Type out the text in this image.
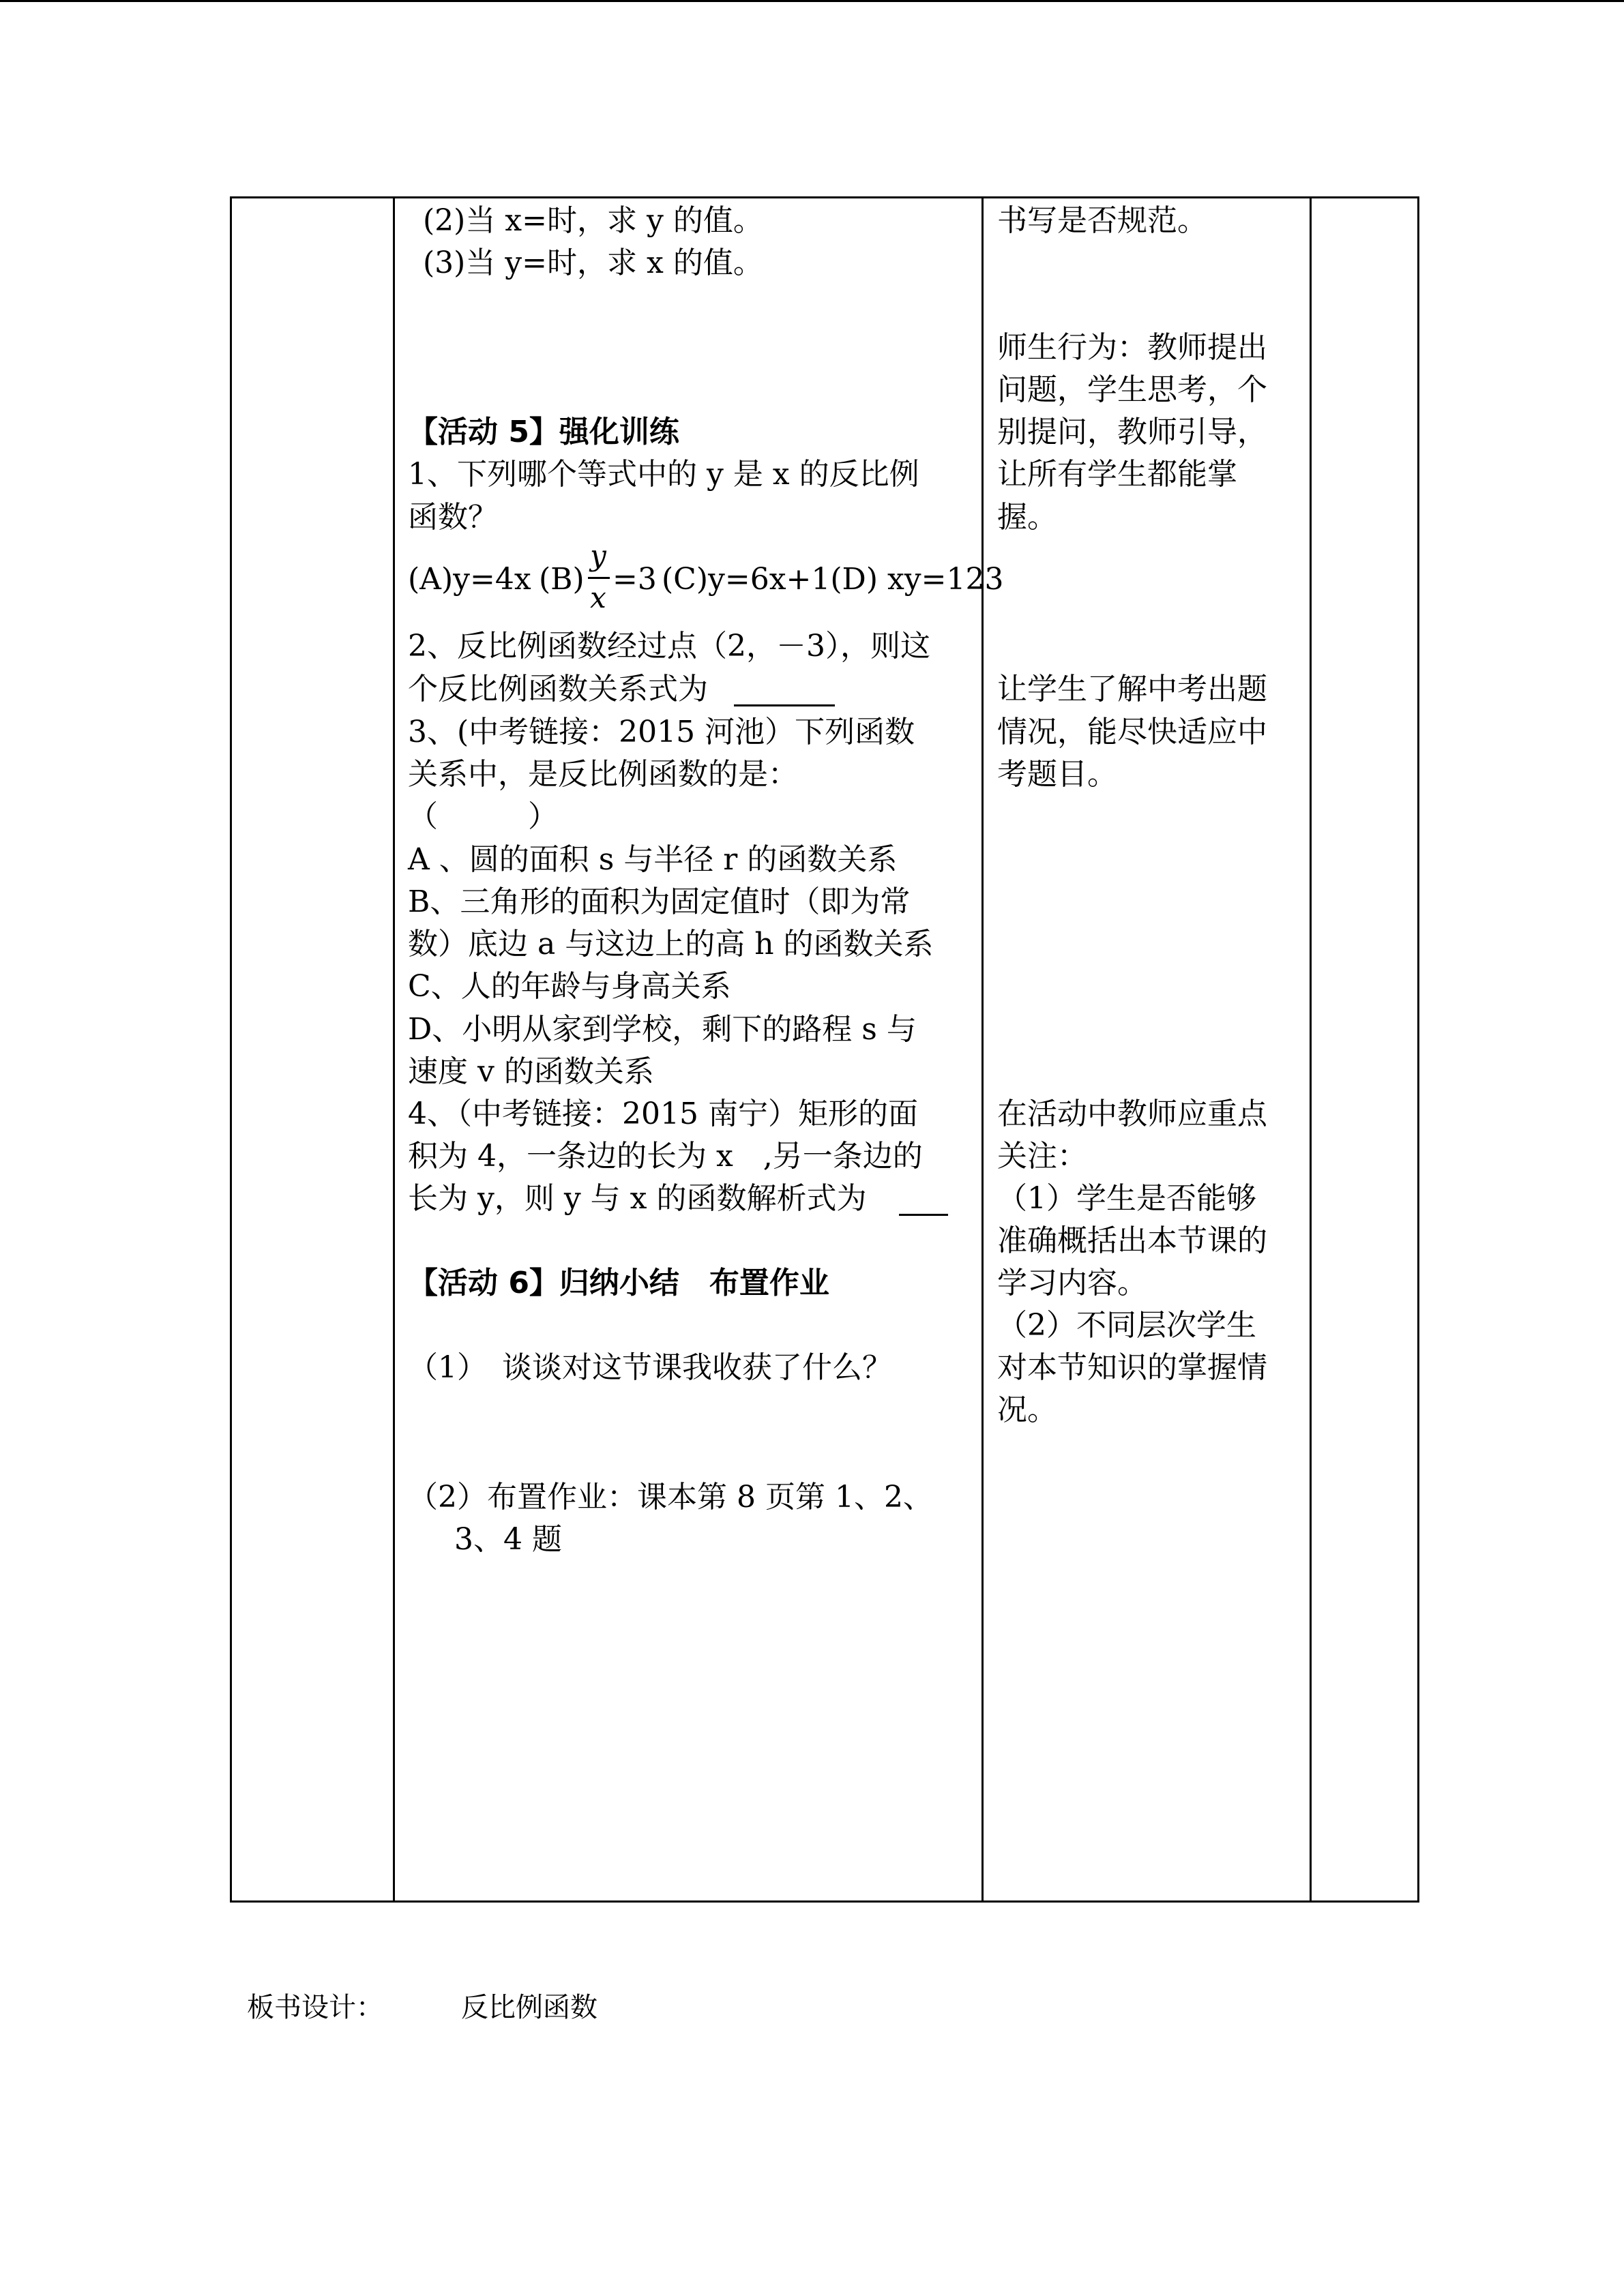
(2)当 x=时，求 y 的值。
(3)当 y=时，求 x 的值。
【活动 5】强化训练
1、下列哪个等式中的 y 是 x 的反比例
函数？
(A)y=4x (B)
y
x
=3 (C)y=6x+1(D) xy=123
2、反比例函数经过点（2，－3），则这
个反比例函数关系式为
3、(中考链接：2015 河池）下列函数
关系中，是反比例函数的是：
（　　　）
A 、圆的面积 s 与半径 r 的函数关系
B、三角形的面积为固定值时（即为常
数）底边 a 与这边上的高 h 的函数关系
C、人的年龄与身高关系
D、小明从家到学校，剩下的路程 s 与
速度 v 的函数关系
4、（中考链接：2015 南宁）矩形的面
积为 4，一条边的长为 x　,另一条边的
长为 y，则 y 与 x 的函数解析式为
【活动 6】归纳小结　布置作业
（1）　谈谈对这节课我收获了什么？
（2）布置作业：课本第 8 页第 1、2、
3、4 题
书写是否规范。
师生行为：教师提出
问题，学生思考，个
别提问，教师引导，
让所有学生都能掌
握。
让学生了解中考出题
情况，能尽快适应中
考题目。
在活动中教师应重点
关注：
（1）学生是否能够
准确概括出本节课的
学习内容。
（2）不同层次学生
对本节知识的掌握情
况。
板书设计：	反比例函数
